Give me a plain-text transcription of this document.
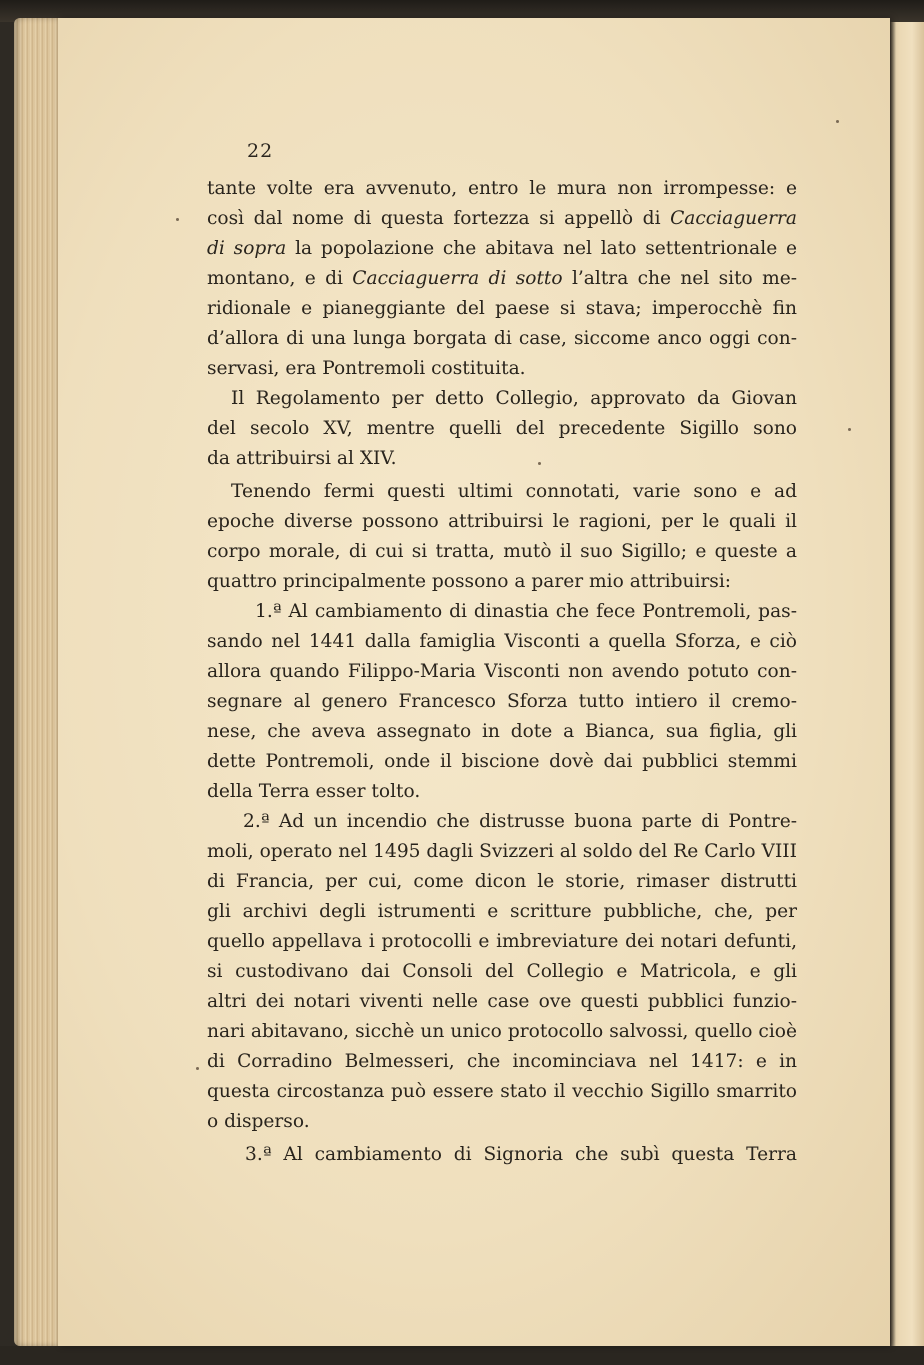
22
tante volte era avvenuto, entro le mura non irrompesse: e
così dal nome di questa fortezza si appellò di Cacciaguerra
di sopra la popolazione che abitava nel lato settentrionale e
montano, e di Cacciaguerra di sotto l’altra che nel sito me-
ridionale e pianeggiante del paese si stava; imperocchè fin
d’allora di una lunga borgata di case, siccome anco oggi con-
servasi, era Pontremoli costituita.
Il Regolamento per detto Collegio, approvato da Giovan
del secolo XV, mentre quelli del precedente Sigillo sono
da attribuirsi al XIV.
Tenendo fermi questi ultimi connotati, varie sono e ad
epoche diverse possono attribuirsi le ragioni, per le quali il
corpo morale, di cui si tratta, mutò il suo Sigillo; e queste a
quattro principalmente possono a parer mio attribuirsi:
1.ª Al cambiamento di dinastia che fece Pontremoli, pas-
sando nel 1441 dalla famiglia Visconti a quella Sforza, e ciò
allora quando Filippo-Maria Visconti non avendo potuto con-
segnare al genero Francesco Sforza tutto intiero il cremo-
nese, che aveva assegnato in dote a Bianca, sua figlia, gli
dette Pontremoli, onde il biscione dovè dai pubblici stemmi
della Terra esser tolto.
2.ª Ad un incendio che distrusse buona parte di Pontre-
moli, operato nel 1495 dagli Svizzeri al soldo del Re Carlo VIII
di Francia, per cui, come dicon le storie, rimaser distrutti
gli archivi degli istrumenti e scritture pubbliche, che, per
quello appellava i protocolli e imbreviature dei notari defunti,
si custodivano dai Consoli del Collegio e Matricola, e gli
altri dei notari viventi nelle case ove questi pubblici funzio-
nari abitavano, sicchè un unico protocollo salvossi, quello cioè
di Corradino Belmesseri, che incominciava nel 1417: e in
questa circostanza può essere stato il vecchio Sigillo smarrito
o disperso.
3.ª Al cambiamento di Signoria che subì questa Terra
